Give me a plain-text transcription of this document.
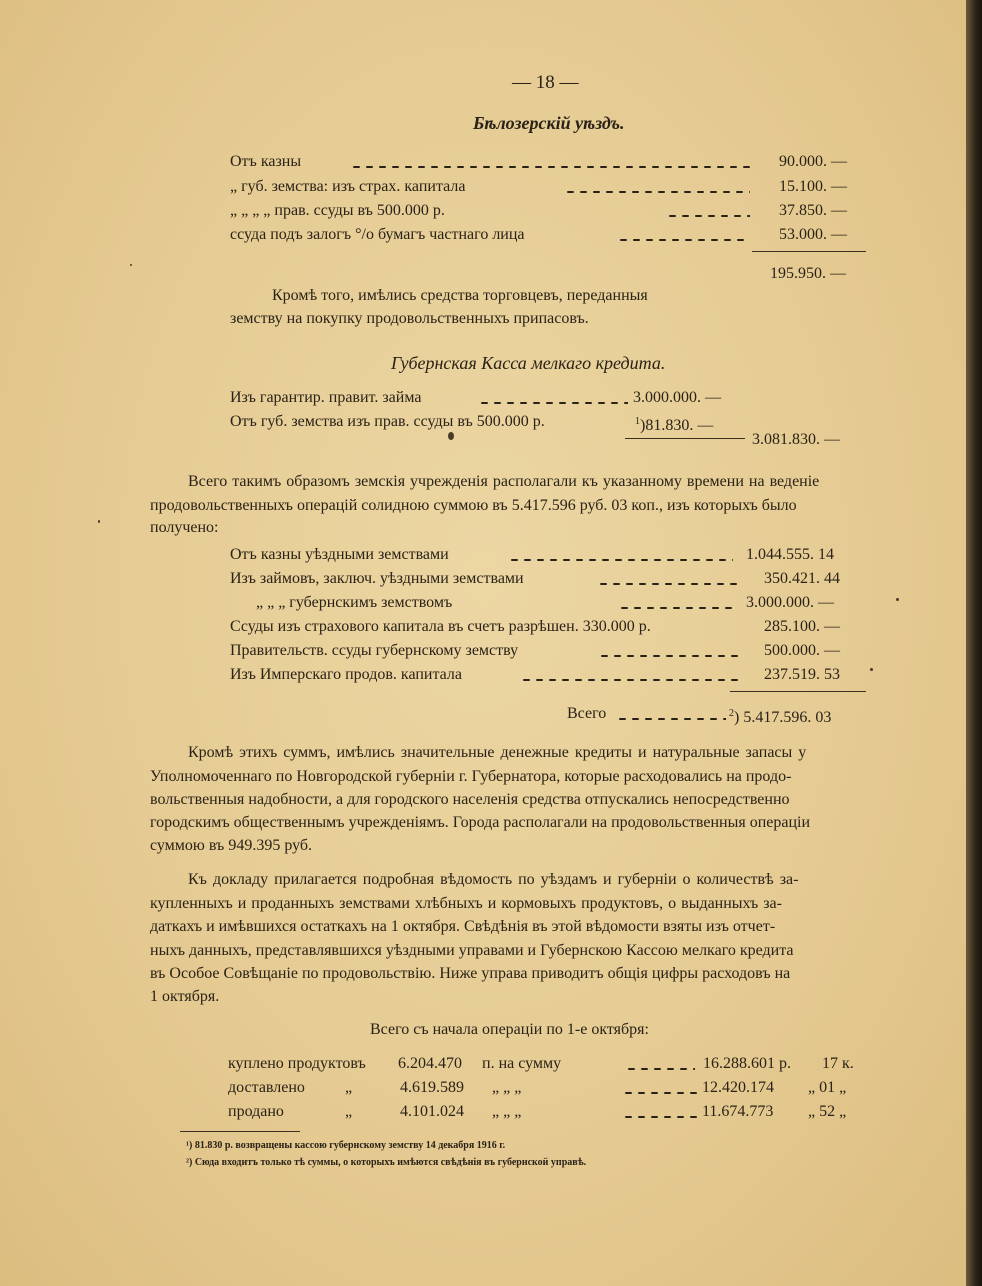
— 18 —
Бѣлозерскій уѣздъ.
Отъ казны	90.000. —
„ губ. земства: изъ страх. капитала	15.100. —
„ „ „ „ прав. ссуды въ 500.000 р.	37.850. —
ссуда подъ залогъ °/o бумагъ частнаго лица	53.000. —
195.950. —
Кромѣ того, имѣлись средства торговцевъ, переданныя
земству на покупку продовольственныхъ припасовъ.
Губернская Касса мелкаго кредита.
Изъ гарантир. правит. займа	3.000.000. —
Отъ губ. земства изъ прав. ссуды въ 500.000 р.	$^1$)81.830. —
3.081.830. —
Всего такимъ образомъ земскія учрежденія располагали къ указанному времени на веденіе
продовольственныхъ операцій солидною суммою въ 5.417.596 руб. 03 коп., изъ которыхъ было
получено:
Отъ казны уѣздными земствами	1.044.555. 14
Изъ займовъ, заключ. уѣздными земствами	350.421. 44
„ „ „ губернскимъ земствомъ	3.000.000. —
Ссуды изъ страхового капитала въ счетъ разрѣшен. 330.000 р.	285.100. —
Правительств. ссуды губернскому земству	500.000. —
Изъ Имперскаго продов. капитала	237.519. 53
Всего	$^2$) 5.417.596. 03
Кромѣ этихъ суммъ, имѣлись значительные денежные кредиты и натуральные запасы у
Уполномоченнаго по Новгородской губерніи г. Губернатора, которые расходовались на продо-
вольственныя надобности, а для городского населенія средства отпускались непосредственно
городскимъ общественнымъ учрежденіямъ. Города располагали на продовольственныя операціи
суммою въ 949.395 руб.
Къ докладу прилагается подробная вѣдомость по уѣздамъ и губерніи о количествѣ за-
купленныхъ и проданныхъ земствами хлѣбныхъ и кормовыхъ продуктовъ, о выданныхъ за-
даткахъ и имѣвшихся остаткахъ на 1 октября. Свѣдѣнія въ этой вѣдомости взяты изъ отчет-
ныхъ данныхъ, представлявшихся уѣздными управами и Губернскою Кассою мелкаго кредита
въ Особое Совѣщаніе по продовольствію. Ниже управа приводитъ общія цифры расходовъ на
1 октября.
Всего съ начала операціи по 1-е октября:
куплено продуктовъ 6.204.470 п. на сумму	16.288.601 р. 17 к.
доставлено	„	4.619.589 „ „ „	12.420.174 „ 01 „
продано	„	4.101.024 „ „ „	11.674.773 „ 52 „
¹) 81.830 р. возвращены кассою губернскому земству 14 декабря 1916 г.
²) Сюда входитъ только тѣ суммы, о которыхъ имѣются свѣдѣнія въ губернской управѣ.
